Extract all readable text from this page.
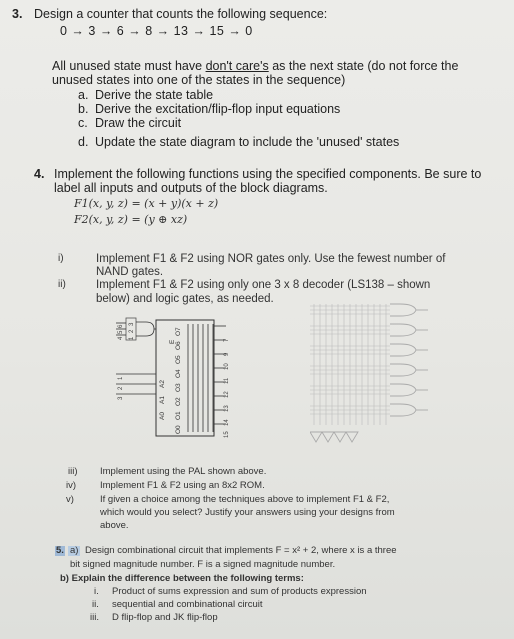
3. Design a counter that counts the following sequence:
0 → 3 → 6 → 8 → 13 → 15 → 0
All unused state must have don't care's as the next state (do not force the
unused states into one of the states in the sequence)
a. Derive the state table
b. Derive the excitation/flip-flop input equations
c. Draw the circuit
d. Update the state diagram to include the 'unused' states
4. Implement the following functions using the specified components. Be sure to
label all inputs and outputs of the block diagrams.
F1(x, y, z) = (x + y)(x + z)
F2(x, y, z) = (y ⊕ xz)
i)	Implement F1 & F2 using NOR gates only. Use the fewest number of
NAND gates.
ii)	Implement F1 & F2 using only one 3 x 8 decoder (LS138 – shown
below) and logic gates, as needed.
4
5
6
1
2
3
E
1
2
3
A0
A1
A2
O0
O1
O2
O3
O4
O5
O6
O7
15
14
13
12
11
10
9
7
iii) Implement using the PAL shown above.
iv)	Implement F1 & F2 using an 8x2 ROM.
v)	If given a choice among the techniques above to implement F1 & F2,
which would you select? Justify your answers using your designs from
above.
5. a) Design combinational circuit that implements F = x² + 2, where x is a three
bit signed magnitude number. F is a signed magnitude number.
b) Explain the difference between the following terms:
i. Product of sums expression and sum of products expression
ii. sequential and combinational circuit
iii. D flip-flop and JK flip-flop
